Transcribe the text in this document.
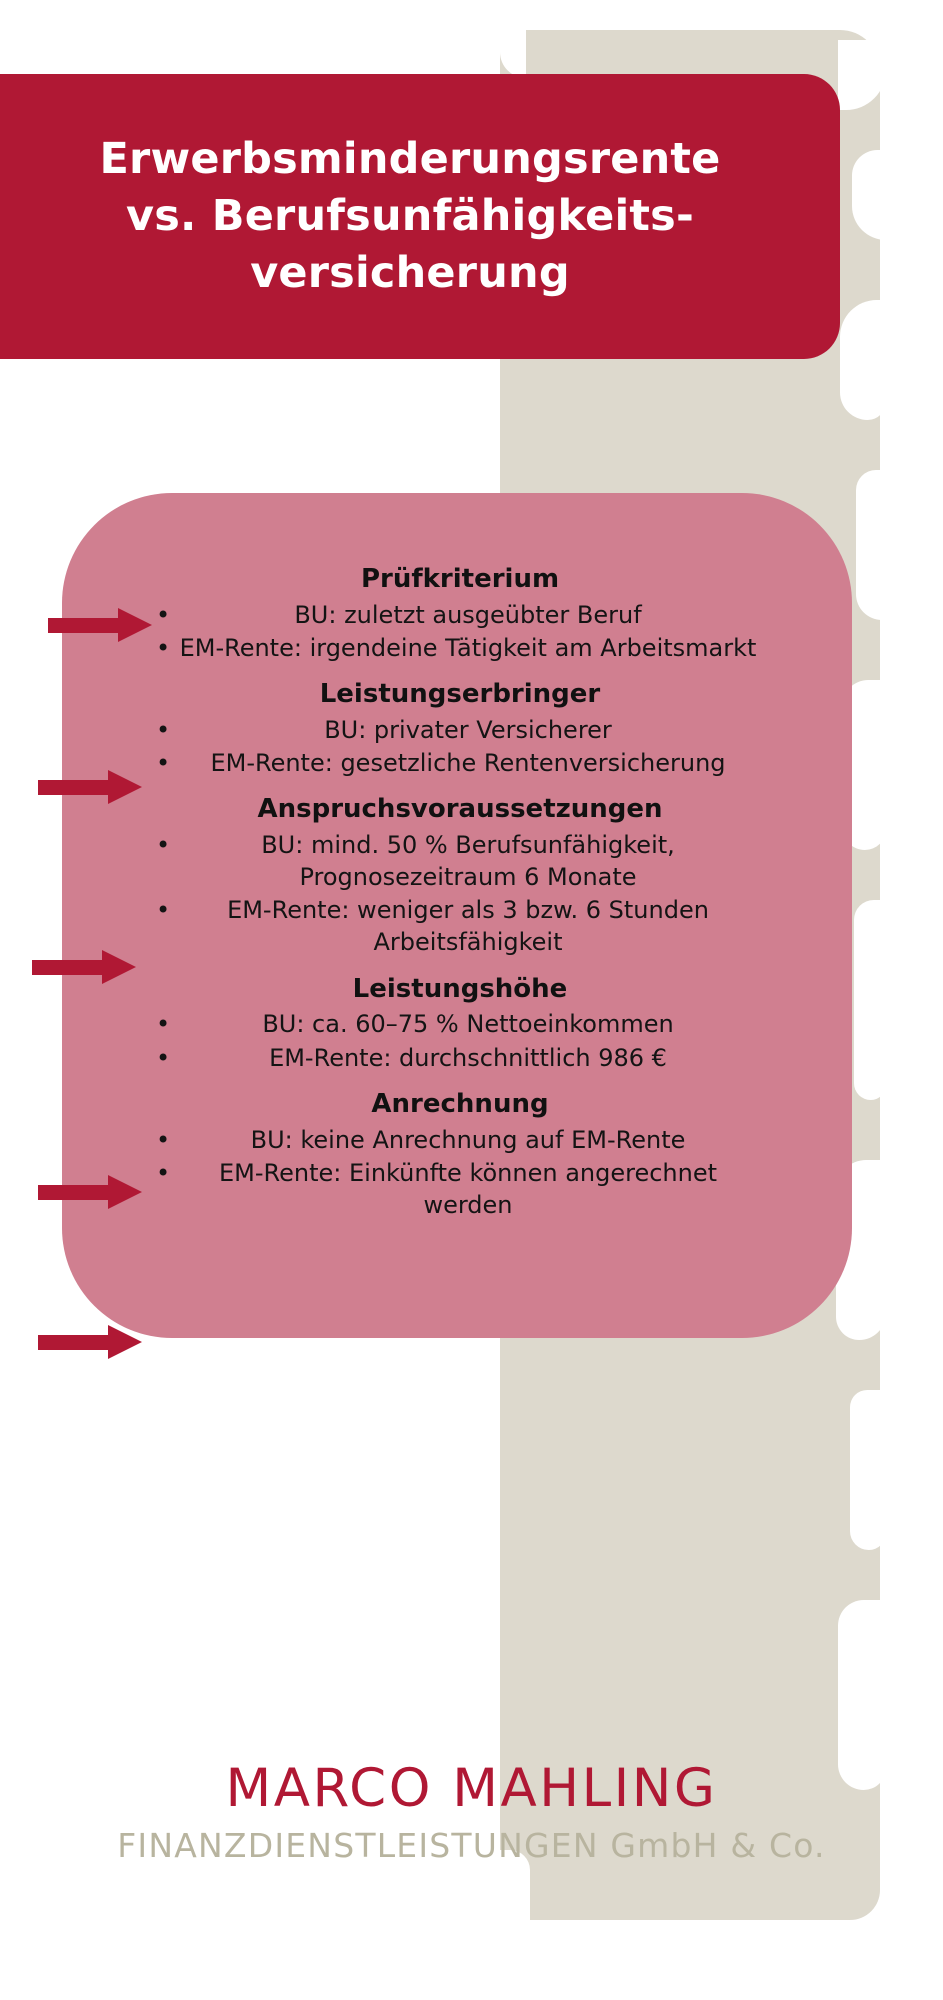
Erwerbsminderungsrente
vs. Berufsunfähigkeits-
versicherung
Prüfkriterium
• BU: zuletzt ausgeübter Beruf
• EM-Rente: irgendeine Tätigkeit am Arbeitsmarkt
Leistungserbringer
• BU: privater Versicherer
• EM-Rente: gesetzliche Rentenversicherung
Anspruchsvoraussetzungen
• BU: mind. 50 % Berufsunfähigkeit, Prognosezeitraum 6 Monate
• EM-Rente: weniger als 3 bzw. 6 Stunden Arbeitsfähigkeit
Leistungshöhe
• BU: ca. 60–75 % Nettoeinkommen
• EM-Rente: durchschnittlich 986 €
Anrechnung
• BU: keine Anrechnung auf EM-Rente
• EM-Rente: Einkünfte können angerechnet werden
MARCO MAHLING
FINANZDIENSTLEISTUNGEN GmbH & Co.
